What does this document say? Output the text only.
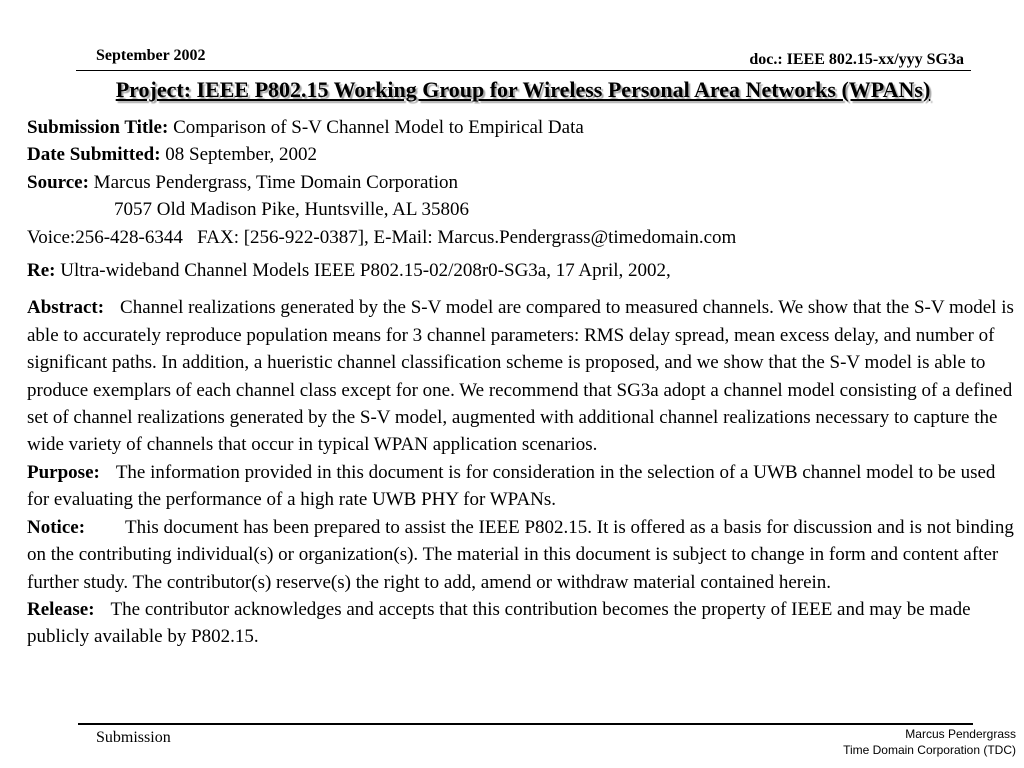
September 2002	doc.: IEEE 802.15-xx/yyy SG3a
Project: IEEE P802.15 Working Group for Wireless Personal Area Networks (WPANs)

Submission Title: Comparison of S-V Channel Model to Empirical Data

Date Submitted: 08 September, 2002

Source: Marcus Pendergrass, Time Domain Corporation

7057 Old Madison Pike, Huntsville, AL 35806

Voice:256-428-6344   FAX: [256-922-0387], E-Mail: Marcus.Pendergrass@timedomain.com

Re: Ultra-wideband Channel Models IEEE P802.15-02/208r0-SG3a, 17 April, 2002,

Abstract: Channel realizations generated by the S-V model are compared to measured channels. We show that the S-V model is able to accurately reproduce population means for 3 channel parameters: RMS delay spread, mean excess delay, and number of significant paths. In addition, a hueristic channel classification scheme is proposed, and we show that the S-V model is able to produce exemplars of each channel class except for one. We recommend that SG3a adopt a channel model consisting of a defined set of channel realizations generated by the S-V model, augmented with additional channel realizations necessary to capture the wide variety of channels that occur in typical WPAN application scenarios.

Purpose: The information provided in this document is for consideration in the selection of a UWB channel model to be used for evaluating the performance of a high rate UWB PHY for WPANs.

Notice: This document has been prepared to assist the IEEE P802.15. It is offered as a basis for discussion and is not binding on the contributing individual(s) or organization(s). The material in this document is subject to change in form and content after further study. The contributor(s) reserve(s) the right to add, amend or withdraw material contained herein.

Release: The contributor acknowledges and accepts that this contribution becomes the property of IEEE and may be made publicly available by P802.15.

Submission	Marcus Pendergrass
Time Domain Corporation (TDC)
